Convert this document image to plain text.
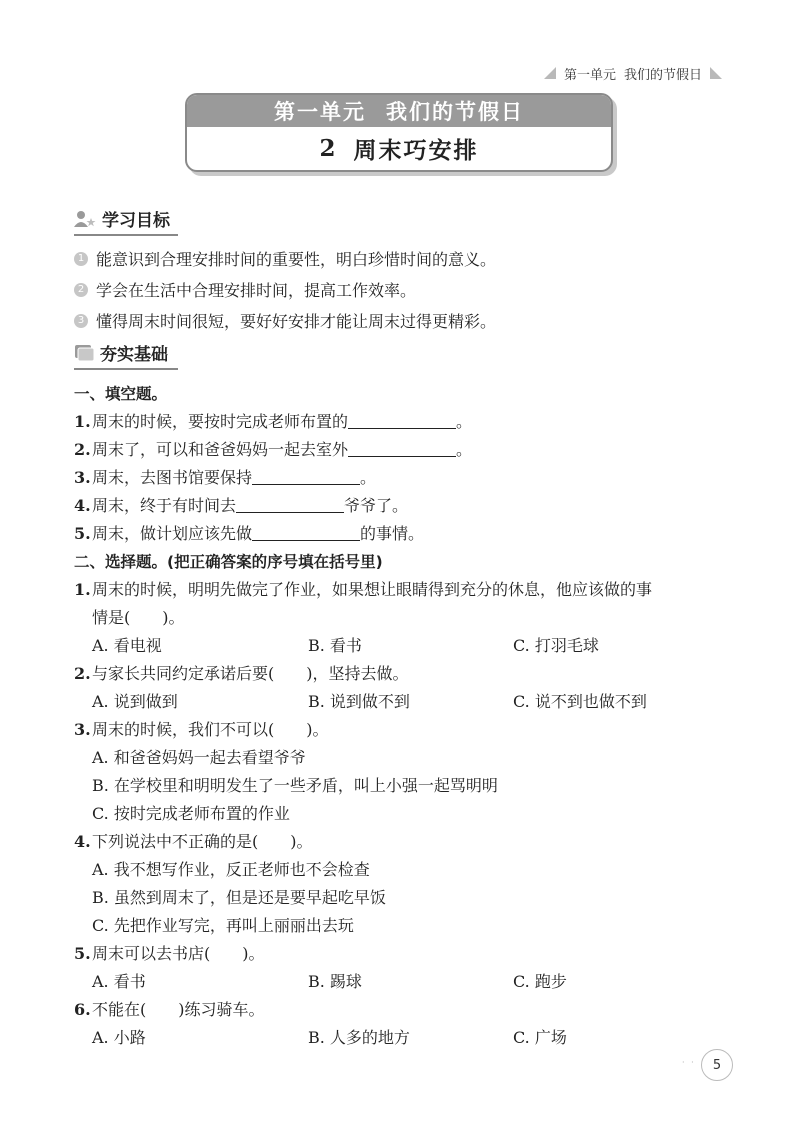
第一单元 我们的节假日
第一单元 我们的节假日
2 周末巧安排
学习目标
1 能意识到合理安排时间的重要性，明白珍惜时间的意义。
2 学会在生活中合理安排时间，提高工作效率。
3 懂得周末时间很短，要好好安排才能让周末过得更精彩。
夯实基础
一、填空题。
1.周末的时候，要按时完成老师布置的	。
2.周末了，可以和爸爸妈妈一起去室外	。
3.周末，去图书馆要保持	。
4.周末，终于有时间去	爷爷了。
5.周末，做计划应该先做	的事情。
二、选择题。(把正确答案的序号填在括号里)
1.周末的时候，明明先做完了作业，如果想让眼睛得到充分的休息，他应该做的事
情是(　　)。
A. 看电视	B. 看书	C. 打羽毛球
2.与家长共同约定承诺后要(　　)，坚持去做。
A. 说到做到	B. 说到做不到	C. 说不到也做不到
3.周末的时候，我们不可以(　　)。
A. 和爸爸妈妈一起去看望爷爷
B. 在学校里和明明发生了一些矛盾，叫上小强一起骂明明
C. 按时完成老师布置的作业
4.下列说法中不正确的是(　　)。
A. 我不想写作业，反正老师也不会检查
B. 虽然到周末了，但是还是要早起吃早饭
C. 先把作业写完，再叫上丽丽出去玩
5.周末可以去书店(　　)。
A. 看书	B. 踢球	C. 跑步
6.不能在(　　)练习骑车。
A. 小路	B. 人多的地方	C. 广场
· ·	5
